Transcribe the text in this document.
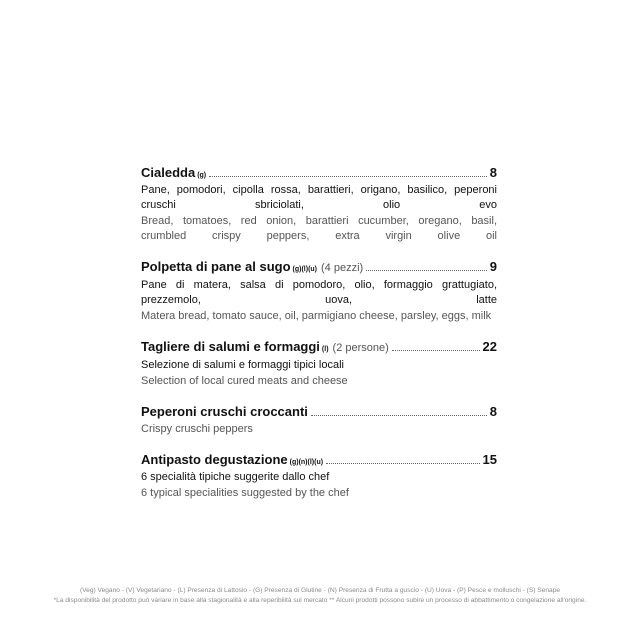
Cialedda (g)	8
Pane, pomodori, cipolla rossa, barattieri, origano, basilico, peperoni cruschi sbriciolati, olio evo
Bread, tomatoes, red onion, barattieri cucumber, oregano, basil, crumbled crispy peppers, extra virgin olive oil
Polpetta di pane al sugo (g)(l)(u) (4 pezzi)	9
Pane di matera, salsa di pomodoro, olio, formaggio grattugiato, prezzemolo, uova, latte
Matera bread, tomato sauce, oil, parmigiano cheese, parsley, eggs, milk
Tagliere di salumi e formaggi (l) (2 persone)	22
Selezione di salumi e formaggi tipici locali
Selection of local cured meats and cheese
Peperoni cruschi croccanti	8
Crispy cruschi peppers
Antipasto degustazione (g)(n)(l)(u)	15
6 specialità tipiche suggerite dallo chef
6 typical specialities suggested by the chef
(Veg) Vegano - (V) Vegetariano - (L) Presenza di Lattosio - (G) Presenza di Glutine - (N) Presenza di Frutta a guscio - (U) Uova - (P) Pesce e molluschi - (S) Senape
*La disponibilità del prodotto può variare in base alla stagionalità e alla reperibilità sul mercato ** Alcuni prodotti possono subire un processo di abbattimento o congelazione all'origine.
